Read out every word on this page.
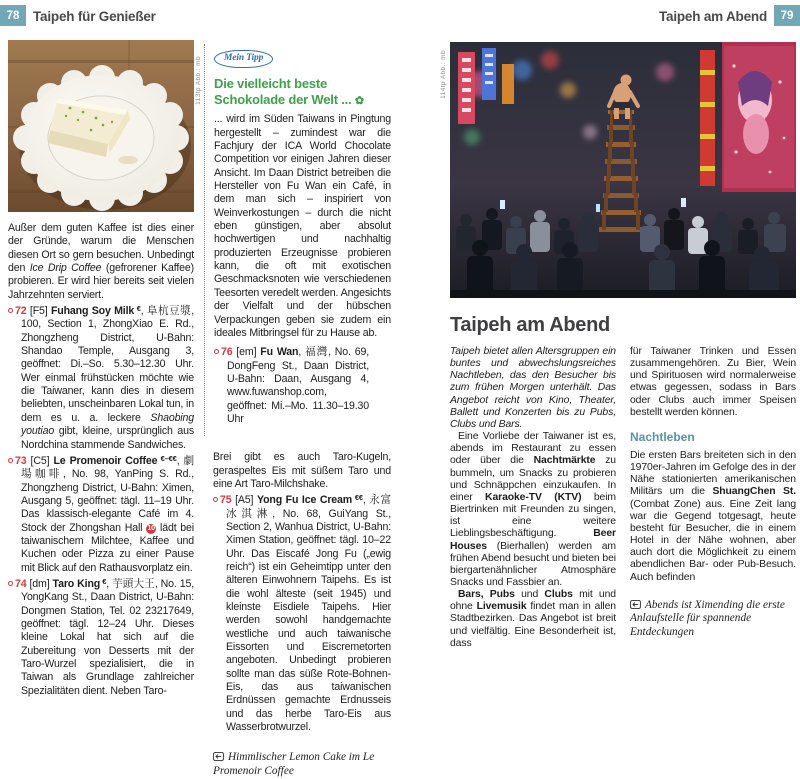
78	Taipeh für Genießer	Taipeh am Abend	79
113tp Abb.: mb

Außer dem guten Kaffee ist dies einer der Gründe, warum die Menschen diesen Ort so gern besuchen. Unbedingt den Ice Drip Coffee (gefrorener Kaffee) probieren. Er wird hier bereits seit vielen Jahrzehnten serviert.

72 [F5] Fuhang Soy Milk €, 阜杭豆漿, 100, Section 1, ZhongXiao E. Rd., Zhongzheng District, U-Bahn: Shandao Temple, Ausgang 3, geöffnet: Di.–So. 5.30–12.30 Uhr. Wer einmal frühstücken möchte wie die Taiwaner, kann dies in diesem beliebten, unscheinbaren Lokal tun, in dem es u. a. leckere Shaobing youtiao gibt, kleine, ursprünglich aus Nordchina stammende Sandwiches.

73 [C5] Le Promenoir Coffee €–€€, 劇場咖啡, No. 98, YanPing S. Rd., Zhongzheng District, U-Bahn: Ximen, Ausgang 5, geöffnet: tägl. 11–19 Uhr. Das klassisch-elegante Café im 4. Stock der Zhongshan Hall 10 lädt bei taiwanischem Milchtee, Kaffee und Kuchen oder Pizza zu einer Pause mit Blick auf den Rathausvorplatz ein.

74 [dm] Taro King €, 芋頭大王, No. 15, YongKang St., Daan District, U-Bahn: Dongmen Station, Tel. 02 23217649, geöffnet: tägl. 12–24 Uhr. Dieses kleine Lokal hat sich auf die Zubereitung von Desserts mit der Taro-Wurzel spezialisiert, die in Taiwan als Grundlage zahlreicher Spezialitäten dient. Neben Taro-

Mein Tipp
Die vielleicht beste Schokolade der Welt ... ✿

... wird im Süden Taiwans in Pingtung hergestellt – zumindest war die Fachjury der ICA World Chocolate Competition vor einigen Jahren dieser Ansicht. Im Daan District betreiben die Hersteller von Fu Wan ein Café, in dem man sich – inspiriert von Weinverkostungen – durch die nicht eben günstigen, aber absolut hochwertigen und nachhaltig produzierten Erzeugnisse probieren kann, die oft mit exotischen Geschmacksnoten wie verschiedenen Teesorten veredelt werden. Angesichts der Vielfalt und der hübschen Verpackungen geben sie zudem ein ideales Mitbringsel für zu Hause ab.

76 [em] Fu Wan, 福灣, No. 69, DongFeng St., Daan District, U-Bahn: Daan, Ausgang 4, www.fuwanshop.com, geöffnet: Mi.–Mo. 11.30–19.30 Uhr

Brei gibt es auch Taro-Kugeln, geraspeltes Eis mit süßem Taro und eine Art Taro-Milchshake.

75 [A5] Yong Fu Ice Cream €€, 永富冰淇淋, No. 68, GuiYang St., Section 2, Wanhua District, U-Bahn: Ximen Station, geöffnet: tägl. 10–22 Uhr. Das Eiscafé Jong Fu („ewig reich“) ist ein Geheimtipp unter den älteren Einwohnern Taipehs. Es ist die wohl älteste (seit 1945) und kleinste Eisdiele Taipehs. Hier werden sowohl handgemachte westliche und auch taiwanische Eissorten und Eiscremetorten angeboten. Unbedingt probieren sollte man das süße Rote-Bohnen-Eis, das aus taiwanischen Erdnüssen gemachte Erdnusseis und das herbe Taro-Eis aus Wasserbrotwurzel.

Himmlischer Lemon Cake im Le Promenoir Coffee

114tp Abb.: mb
Taipeh am Abend

Taipeh bietet allen Altersgruppen ein buntes und abwechslungsreiches Nachtleben, das den Besucher bis zum frühen Morgen unterhält. Das Angebot reicht von Kino, Theater, Ballett und Konzerten bis zu Pubs, Clubs und Bars.

Eine Vorliebe der Taiwaner ist es, abends im Restaurant zu essen oder über die Nachtmärkte zu bummeln, um Snacks zu probieren und Schnäppchen einzukaufen. In einer Karaoke-TV (KTV) beim Biertrinken mit Freunden zu singen, ist eine weitere Lieblingsbeschäftigung. Beer Houses (Bierhallen) werden am frühen Abend besucht und bieten bei biergartenähnlicher Atmosphäre Snacks und Fassbier an.

Bars, Pubs und Clubs mit und ohne Livemusik findet man in allen Stadtbezirken. Das Angebot ist breit und vielfältig. Eine Besonderheit ist, dass

für Taiwaner Trinken und Essen zusammengehören. Zu Bier, Wein und Spirituosen wird normalerweise etwas gegessen, sodass in Bars oder Clubs auch immer Speisen bestellt werden können.

Nachtleben

Die ersten Bars breiteten sich in den 1970er-Jahren im Gefolge des in der Nähe stationierten amerikanischen Militärs um die ShuangChen St. (Combat Zone) aus. Eine Zeit lang war die Gegend totgesagt, heute besteht für Besucher, die in einem Hotel in der Nähe wohnen, aber auch dort die Möglichkeit zu einem abendlichen Bar- oder Pub-Besuch. Auch befinden

Abends ist Ximending die erste Anlaufstelle für spannende Entdeckungen
